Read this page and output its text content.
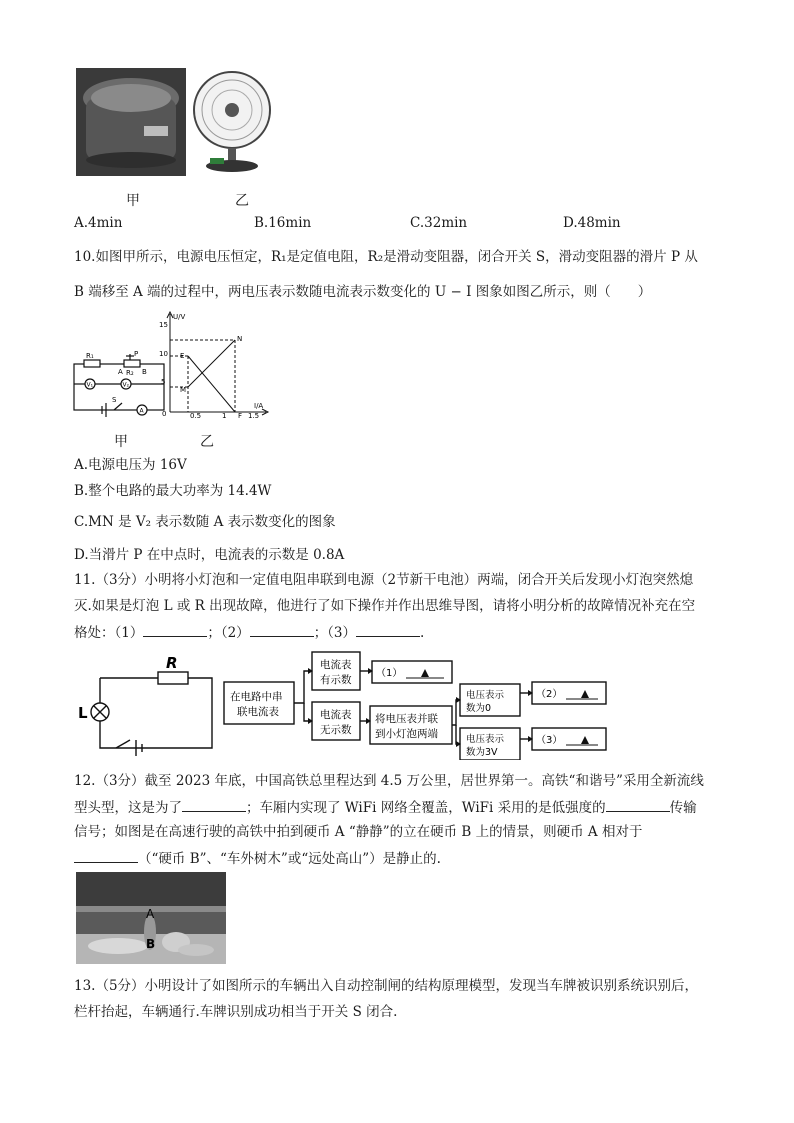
甲	乙
A.4min	B.16min	C.32min	D.48min
10.如图甲所示，电源电压恒定，R₁是定值电阻，R₂是滑动变阻器，闭合开关 S，滑动变阻器的滑片 P 从
B 端移至 A 端的过程中，两电压表示数随电流表示数变化的 U − I 图象如图乙所示，则（　　）
R₁	P
A R₂ B
V₁	V₂
S
A
U/V
I/A
15
10
5
0	0.5	1	1.5
N
E
M
F
甲	乙
A.电源电压为 16V
B.整个电路的最大功率为 14.4W
C.MN 是 V₂ 表示数随 A 表示数变化的图象
D.当滑片 P 在中点时，电流表的示数是 0.8A
11.（3分）小明将小灯泡和一定值电阻串联到电源（2节新干电池）两端，闭合开关后发现小灯泡突然熄
灭.如果是灯泡 L 或 R 出现故障，他进行了如下操作并作出思维导图，请将小明分析的故障情况补充在空
格处：（1）	；（2）	；（3）	.
R
L
在电路中串
联电流表
电流表
有示数
电流表
无示数
将电压表并联
到小灯泡两端
电压表示
数为0
电压表示
数为3V
（1）
（2）
（3）
12.（3分）截至 2023 年底，中国高铁总里程达到 4.5 万公里，居世界第一。高铁“和谐号”采用全新流线
型头型，这是为了	；车厢内实现了 WiFi 网络全覆盖，WiFi 采用的是低强度的	传输
信号；如图是在高速行驶的高铁中拍到硬币 A “静静”的立在硬币 B 上的情景，则硬币 A 相对于
（“硬币 B”、“车外树木”或“远处高山”）是静止的.
A
B
13.（5分）小明设计了如图所示的车辆出入自动控制闸的结构原理模型，发现当车牌被识别系统识别后，
栏杆抬起，车辆通行.车牌识别成功相当于开关 S 闭合.
